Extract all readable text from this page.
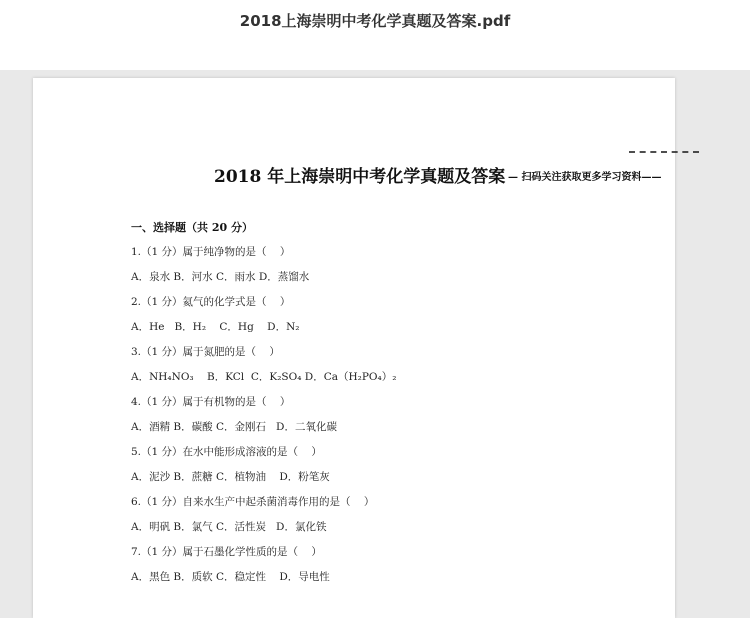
2018上海崇明中考化学真题及答案.pdf
2018 年上海崇明中考化学真题及答案 — 扫码关注获取更多学习资料——
一、选择题（共 20 分）
1.（1 分）属于纯净物的是（    ）
A．泉水 B．河水 C．雨水 D．蒸馏水
2.（1 分）氦气的化学式是（    ）
A．He   B．H₂    C．Hg    D．N₂
3.（1 分）属于氮肥的是（    ）
A．NH₄NO₃    B．KCl  C．K₂SO₄ D．Ca（H₂PO₄）₂
4.（1 分）属于有机物的是（    ）
A．酒精 B．碳酸 C．金刚石   D．二氧化碳
5.（1 分）在水中能形成溶液的是（    ）
A．泥沙 B．蔗糖 C．植物油    D．粉笔灰
6.（1 分）自来水生产中起杀菌消毒作用的是（    ）
A．明矾 B．氯气 C．活性炭   D．氯化铁
7.（1 分）属于石墨化学性质的是（    ）
A．黑色 B．质软 C．稳定性    D．导电性
